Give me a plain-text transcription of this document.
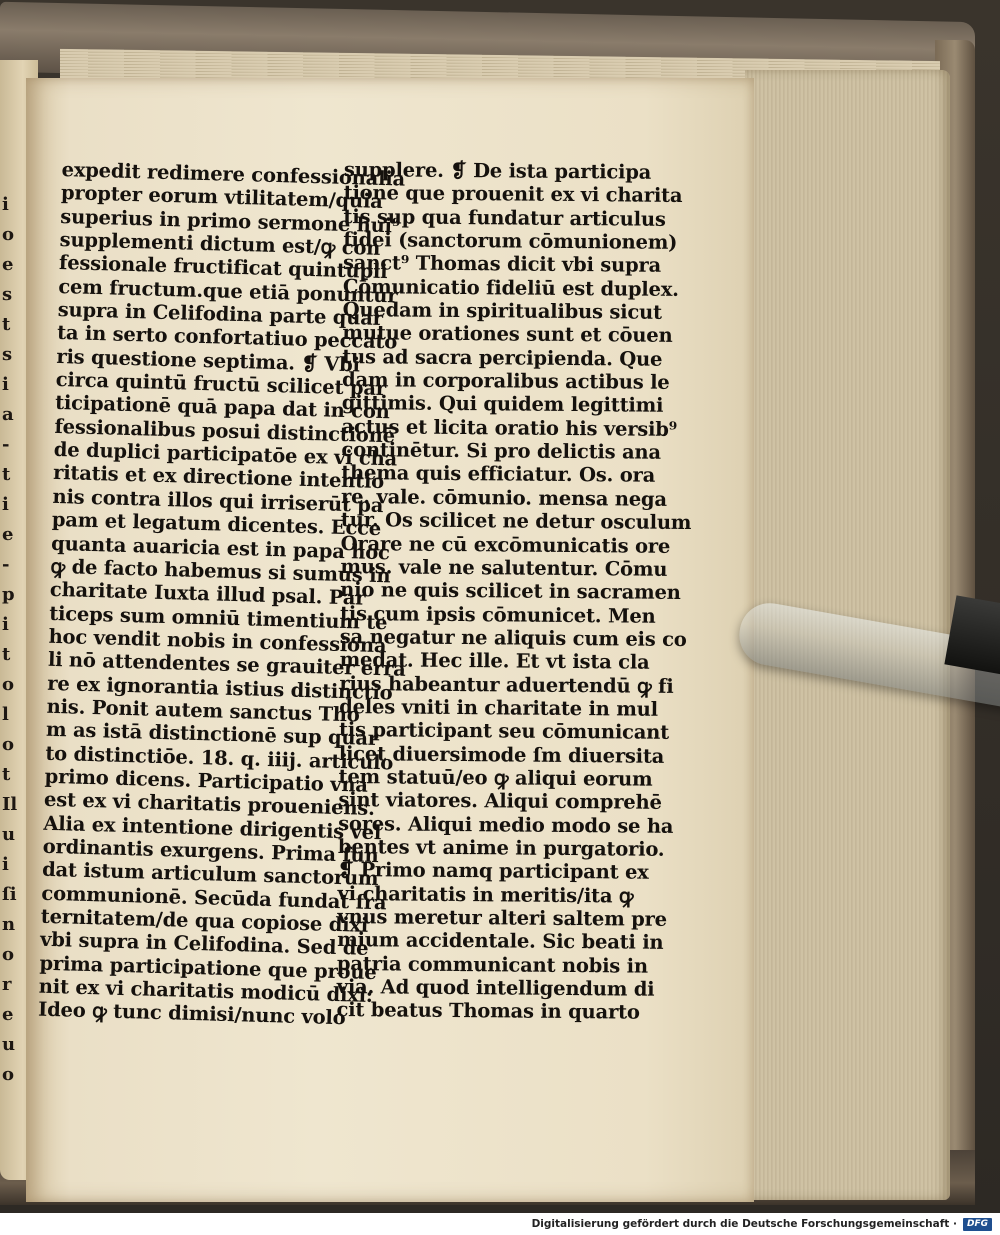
i
o
e
s
t
s
i
a
-
t
i
e
-
p
i
t
o
l
o
t
Il
u
i
ſi
n
o
r
e
u
o
expedit redimere confessionalia
propter eorum vtilitatem/quia
superius in primo sermone hui⁹
supplementi dictum est/ꝙ con
fessionale fructificat quintupli
cem fructum.que etiā ponuntur
supra in Celifodina parte quar
ta in serto confortatiuo peccato
ris questione septima. ❡ Vbi
circa quintū fructū scilicet par
ticipationē quā papa dat in con
fessionalibus posui distinctionē
de duplici participatōe ex vi cha
ritatis et ex directione intentio
nis contra illos qui irriserūt pa
pam et legatum dicentes. Ecce
quanta auaricia est in papa hoc
ꝙ de facto habemus si sumus in
charitate Iuxta illud psal. Par
ticeps sum omniū timentium te
hoc vendit nobis in confessiona
li nō attendentes se grauiter erra
re ex ignorantia istius distinctio
nis. Ponit autem sanctus Tho
m as istā distinctionē sup quar
to distinctiōe. 18. q. iiij. articulo
primo dicens. Participatio vna
est ex vi charitatis proueniens.
Alia ex intentione dirigentis vel
ordinantis exurgens. Prima fun
dat istum articulum sanctorum
communionē. Secūda fundat fra
ternitatem/de qua copiose dixi
vbi supra in Celifodina. Sed de
prima participatione que proue
nit ex vi charitatis modicū dixi:
Ideo ꝙ tunc dimisi/nunc volo
supplere. ❡ De ista participa
tione que prouenit ex vi charita
tis sup qua fundatur articulus
fidei (sanctorum cōmunionem)
sanct⁹ Thomas dicit vbi supra
Cōmunicatio fideliū est duplex.
Quedam in spiritualibus sicut
mutue orationes sunt et cōuen
tus ad sacra percipienda. Que
dam in corporalibus actibus le
gittimis. Qui quidem legittimi
actus et licita oratio his versib⁹
continētur. Si pro delictis ana
thema quis efficiatur. Os. ora
re. vale. cōmunio. mensa nega
tur. Os scilicet ne detur osculum
Orare ne cū excōmunicatis ore
mus. vale ne salutentur. Cōmu
nio ne quis scilicet in sacramen
tis cum ipsis cōmunicet. Men
sa negatur ne aliquis cum eis co
medat. Hec ille. Et vt ista cla
rius habeantur aduertendū ꝙ fi
deles vniti in charitate in mul
tis participant seu cōmunicant
licet diuersimode ſm diuersita
tem statuū/eo ꝙ aliqui eorum
sint viatores. Aliqui comprehē
sores. Aliqui medio modo se ha
bentes vt anime in purgatorio.
❡ Primo namq participant ex
vi charitatis in meritis/ita ꝙ
vnus meretur alteri saltem pre
mium accidentale. Sic beati in
patria communicant nobis in
via. Ad quod intelligendum di
cit beatus Thomas in quarto
Digitalisierung gefördert durch die Deutsche Forschungsgemeinschaft ·	DFG
